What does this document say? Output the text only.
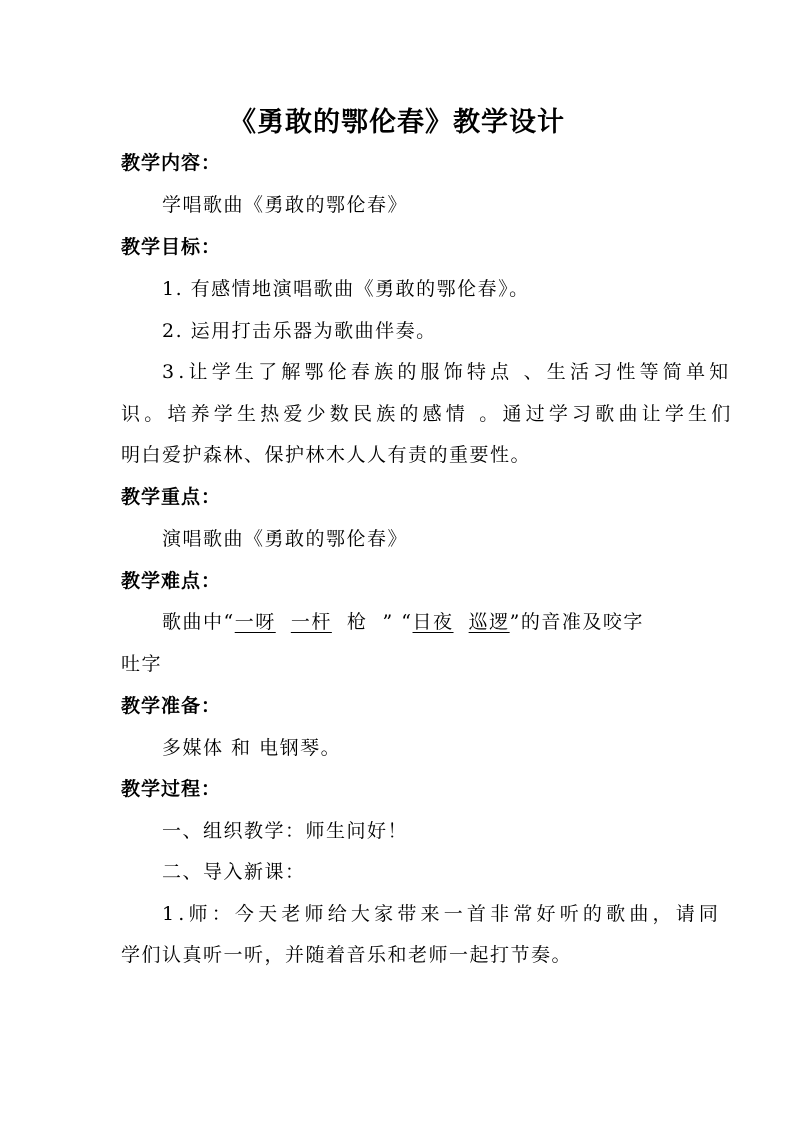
《勇敢的鄂伦春》教学设计
教学内容：
学唱歌曲《勇敢的鄂伦春》
教学目标：
1. 有感情地演唱歌曲《勇敢的鄂伦春》。
2. 运用打击乐器为歌曲伴奏。
3.让学生了解鄂伦春族的服饰特点 、生活习性等简单知
识。培养学生热爱少数民族的感情 。通过学习歌曲让学生们
明白爱护森林、保护林木人人有责的重要性。
教学重点：
演唱歌曲《勇敢的鄂伦春》
教学难点：
歌曲中“一呀 一杆 枪 ” “日夜 巡逻”的音准及咬字
吐字
教学准备：
多媒体 和 电钢琴。
教学过程：
一、组织教学：师生问好！
二、导入新课：
1.师：今天老师给大家带来一首非常好听的歌曲，请同
学们认真听一听，并随着音乐和老师一起打节奏。
